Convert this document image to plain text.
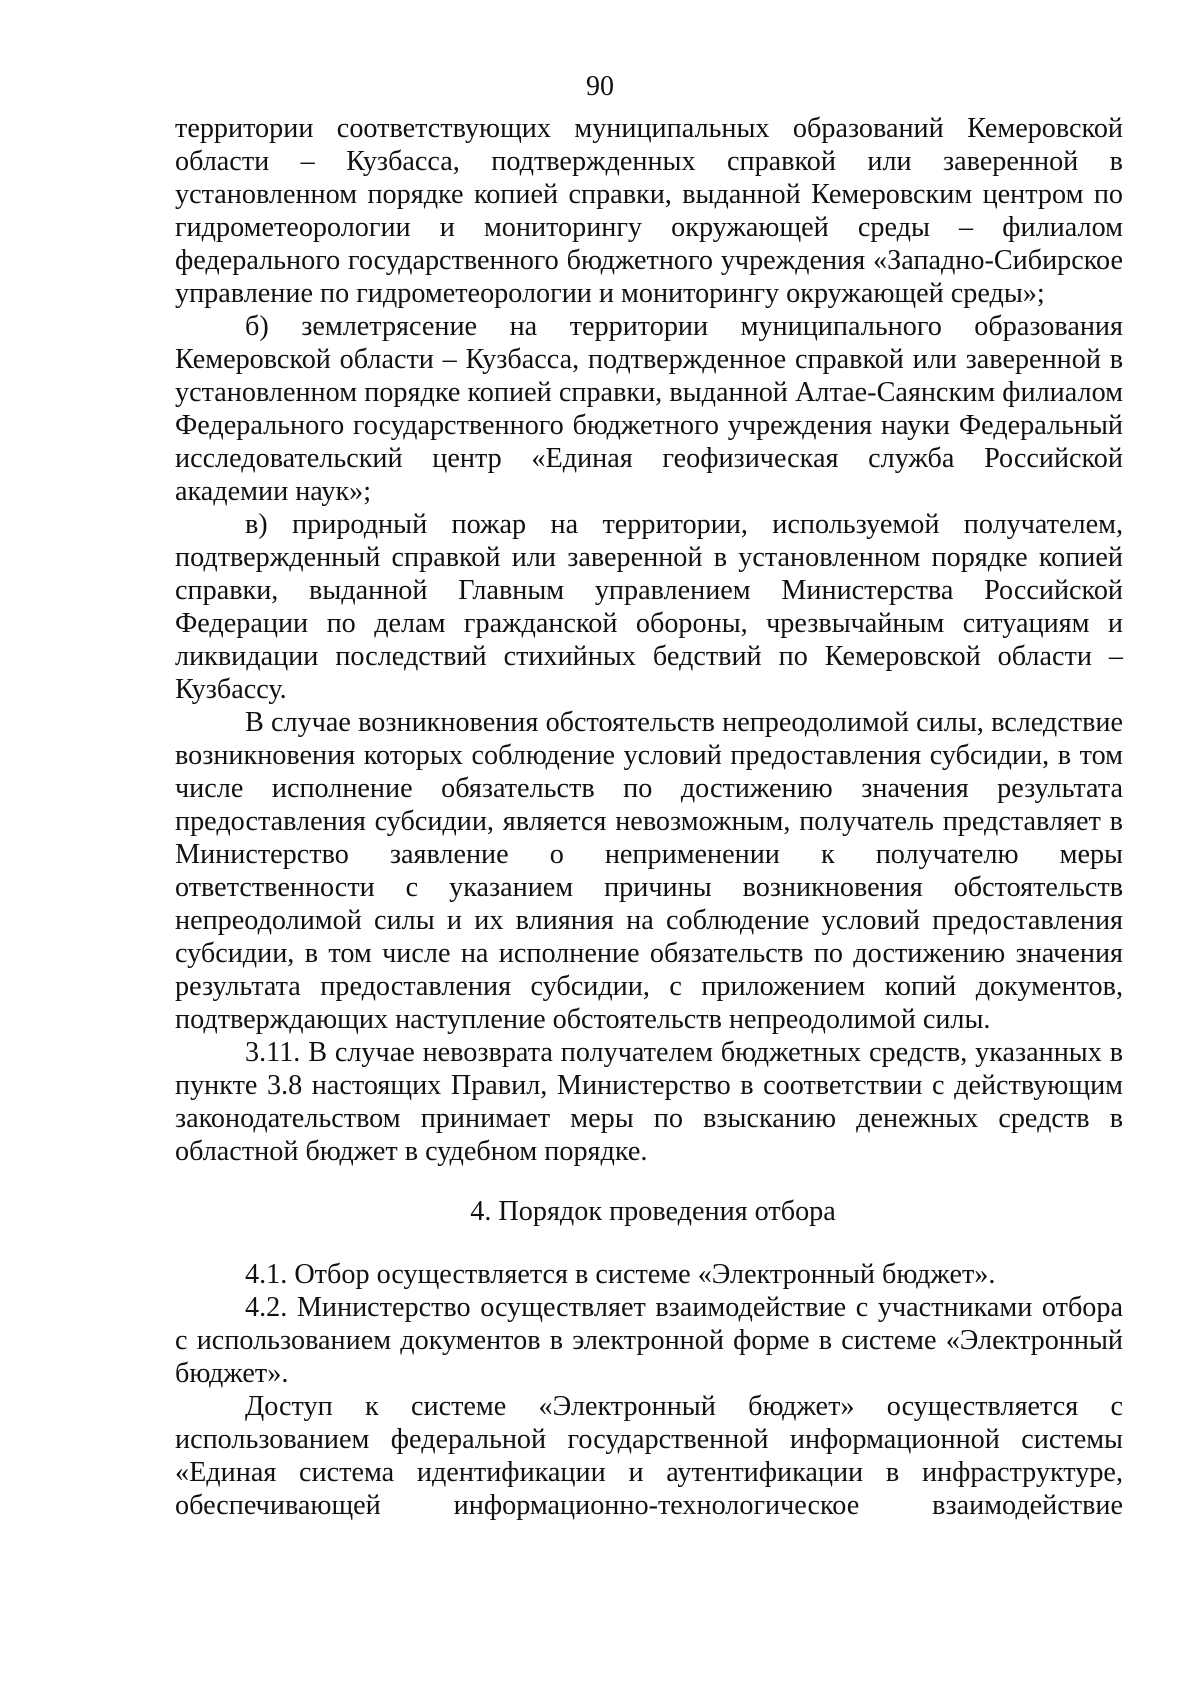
90

территории соответствующих муниципальных образований Кемеровской области – Кузбасса, подтвержденных справкой или заверенной в установленном порядке копией справки, выданной Кемеровским центром по гидрометеорологии и мониторингу окружающей среды – филиалом федерального государственного бюджетного учреждения «Западно-Сибирское управление по гидрометеорологии и мониторингу окружающей среды»;

б) землетрясение на территории муниципального образования Кемеровской области – Кузбасса, подтвержденное справкой или заверенной в установленном порядке копией справки, выданной Алтае-Саянским филиалом Федерального государственного бюджетного учреждения науки Федеральный исследовательский центр «Единая геофизическая служба Российской академии наук»;

в) природный пожар на территории, используемой получателем, подтвержденный справкой или заверенной в установленном порядке копией справки, выданной Главным управлением Министерства Российской Федерации по делам гражданской обороны, чрезвычайным ситуациям и ликвидации последствий стихийных бедствий по Кемеровской области – Кузбассу.

В случае возникновения обстоятельств непреодолимой силы, вследствие возникновения которых соблюдение условий предоставления субсидии, в том числе исполнение обязательств по достижению значения результата предоставления субсидии, является невозможным, получатель представляет в Министерство заявление о неприменении к получателю меры ответственности с указанием причины возникновения обстоятельств непреодолимой силы и их влияния на соблюдение условий предоставления субсидии, в том числе на исполнение обязательств по достижению значения результата предоставления субсидии, с приложением копий документов, подтверждающих наступление обстоятельств непреодолимой силы.

3.11. В случае невозврата получателем бюджетных средств, указанных в пункте 3.8 настоящих Правил, Министерство в соответствии с действующим законодательством принимает меры по взысканию денежных средств в областной бюджет в судебном порядке.

4. Порядок проведения отбора

4.1. Отбор осуществляется в системе «Электронный бюджет».

4.2. Министерство осуществляет взаимодействие с участниками отбора с использованием документов в электронной форме в системе «Электронный бюджет».

Доступ к системе «Электронный бюджет» осуществляется с использованием федеральной государственной информационной системы «Единая система идентификации и аутентификации в инфраструктуре, обеспечивающей информационно-технологическое взаимодействие
